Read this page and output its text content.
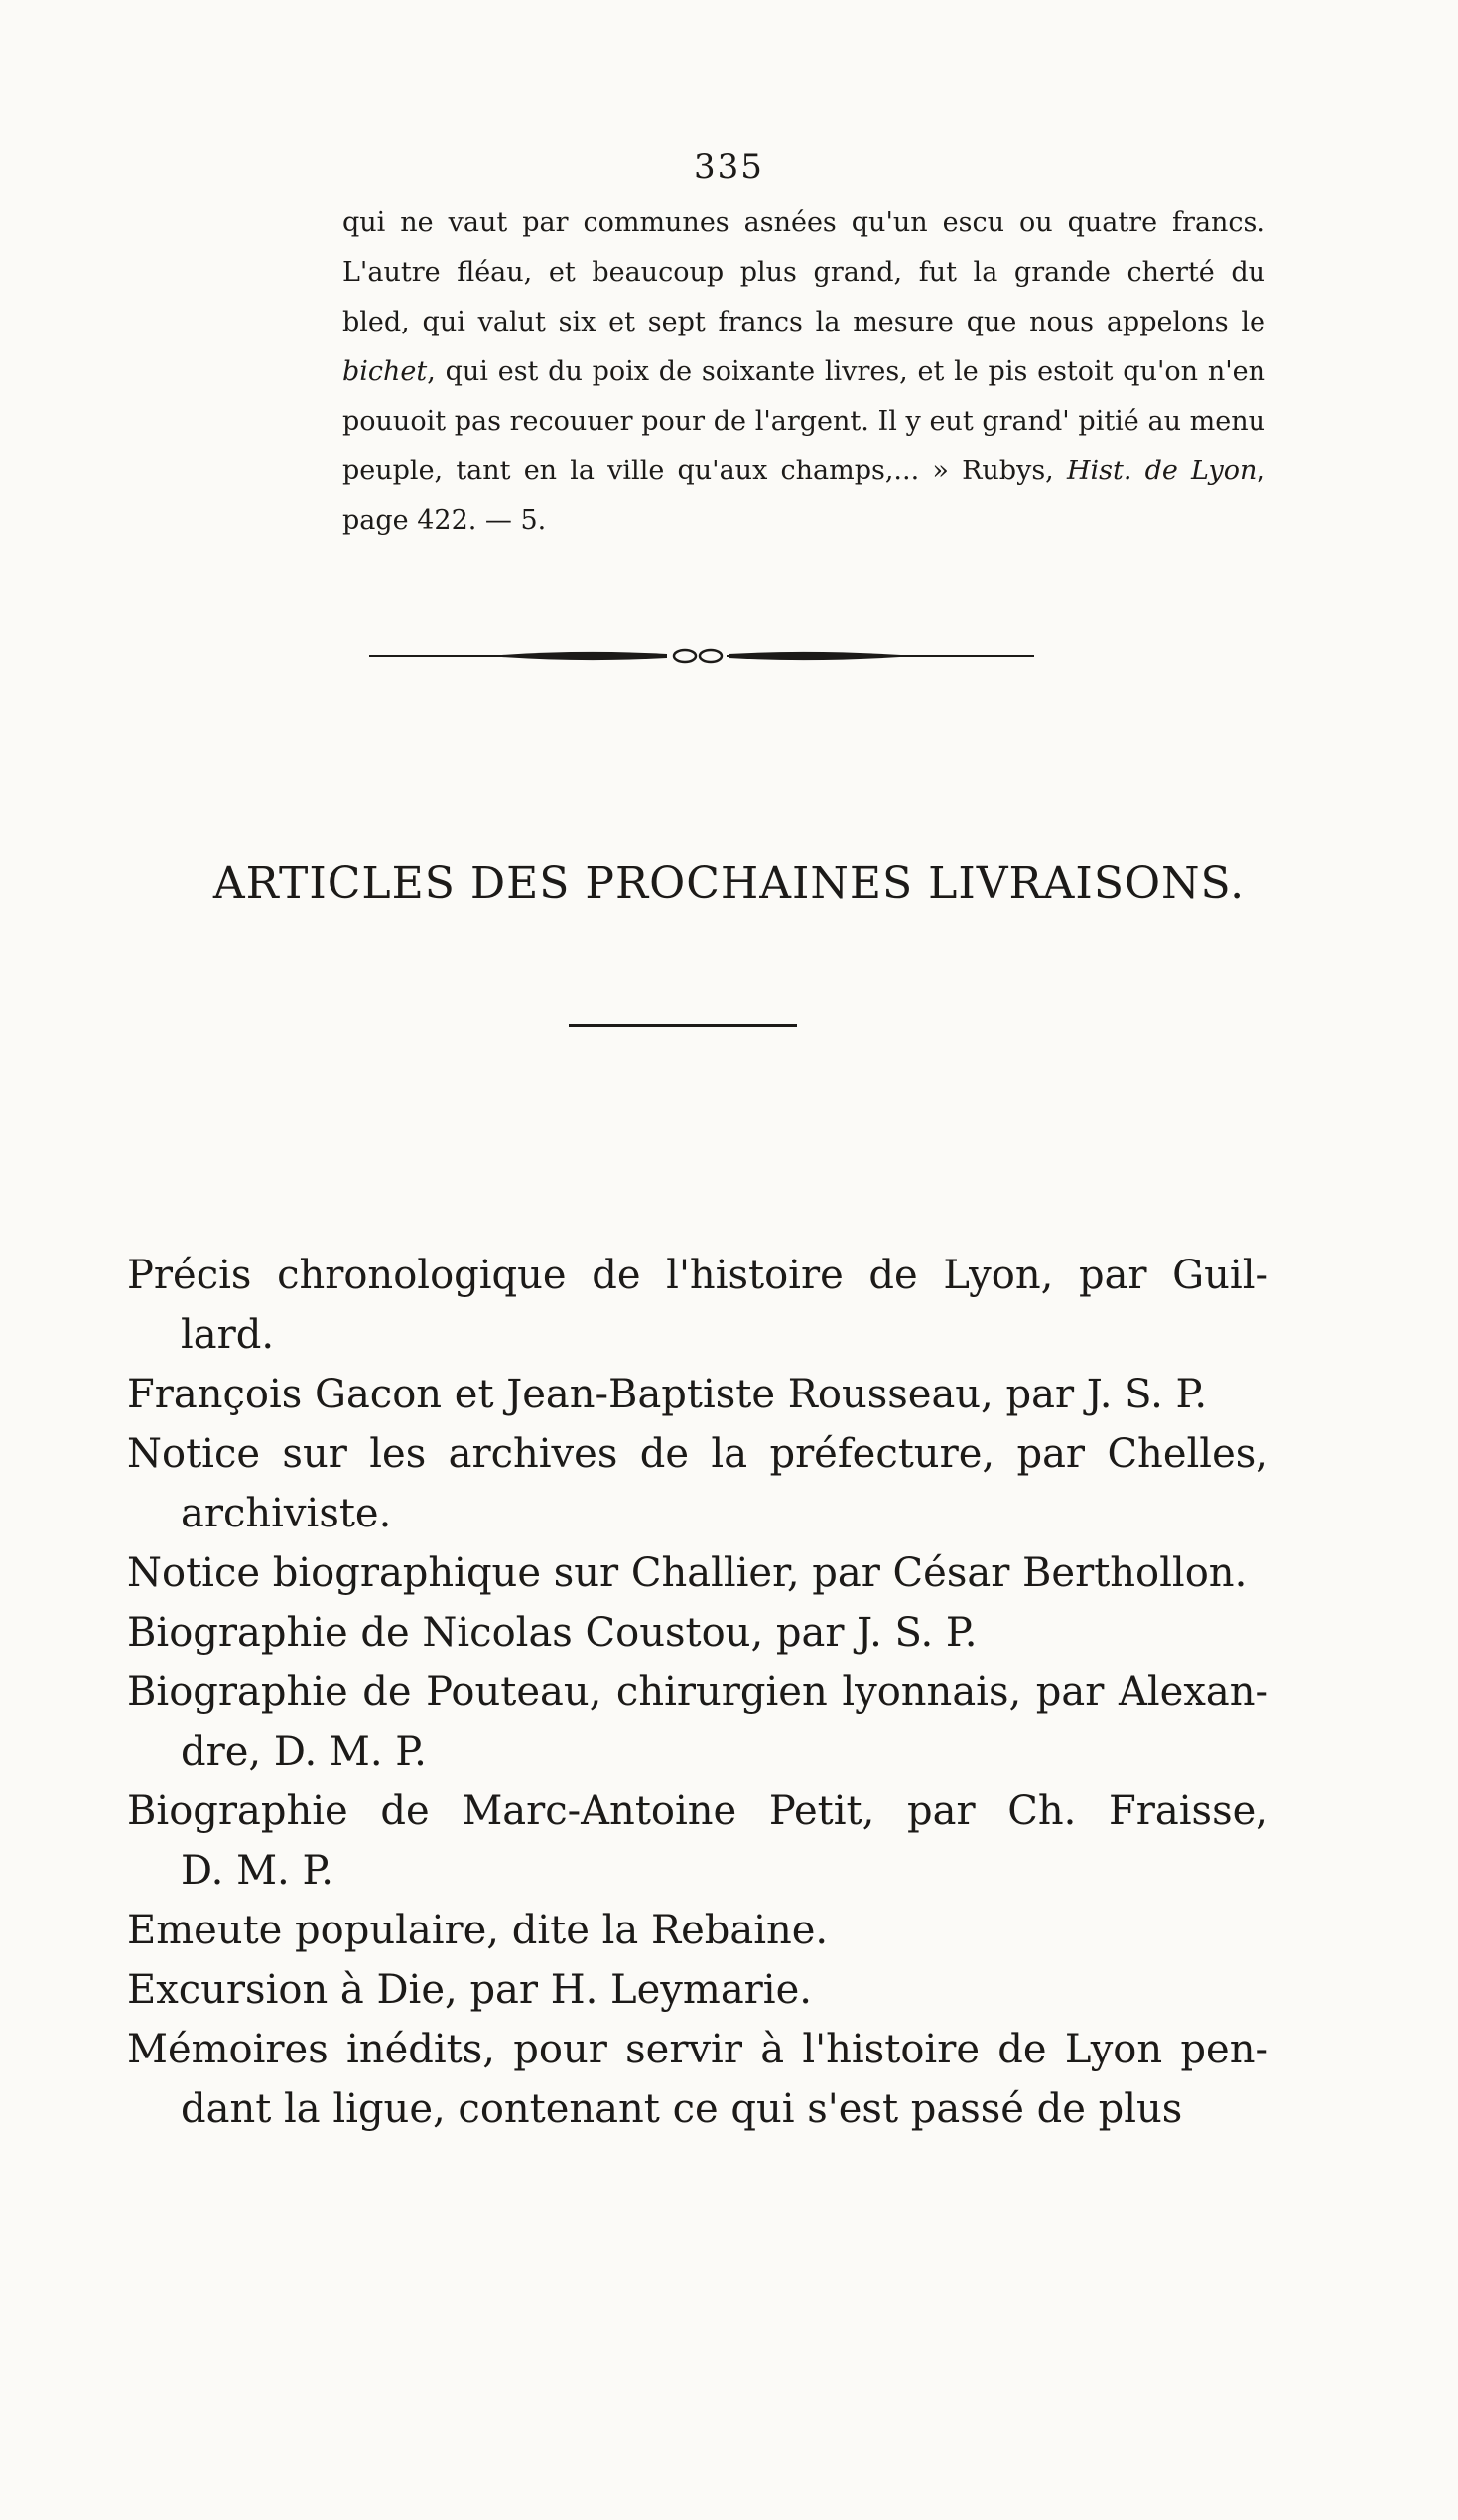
335
qui ne vaut par communes asnées qu'un escu ou quatre francs.
L'autre fléau, et beaucoup plus grand, fut la grande cherté du
bled, qui valut six et sept francs la mesure que nous appelons le
bichet, qui est du poix de soixante livres, et le pis estoit qu'on n'en
pouuoit pas recouuer pour de l'argent. Il y eut grand' pitié au menu
peuple, tant en la ville qu'aux champs,... » Rubys, Hist. de Lyon,
page 422. — 5.
ARTICLES DES PROCHAINES LIVRAISONS.
Précis chronologique de l'histoire de Lyon, par Guil-
lard.
François Gacon et Jean-Baptiste Rousseau, par J. S. P.
Notice sur les archives de la préfecture, par Chelles,
archiviste.
Notice biographique sur Challier, par César Berthollon.
Biographie de Nicolas Coustou, par J. S. P.
Biographie de Pouteau, chirurgien lyonnais, par Alexan-
dre, D. M. P.
Biographie de Marc-Antoine Petit, par Ch. Fraisse,
D. M. P.
Emeute populaire, dite la Rebaine.
Excursion à Die, par H. Leymarie.
Mémoires inédits, pour servir à l'histoire de Lyon pen-
dant la ligue, contenant ce qui s'est passé de plus
